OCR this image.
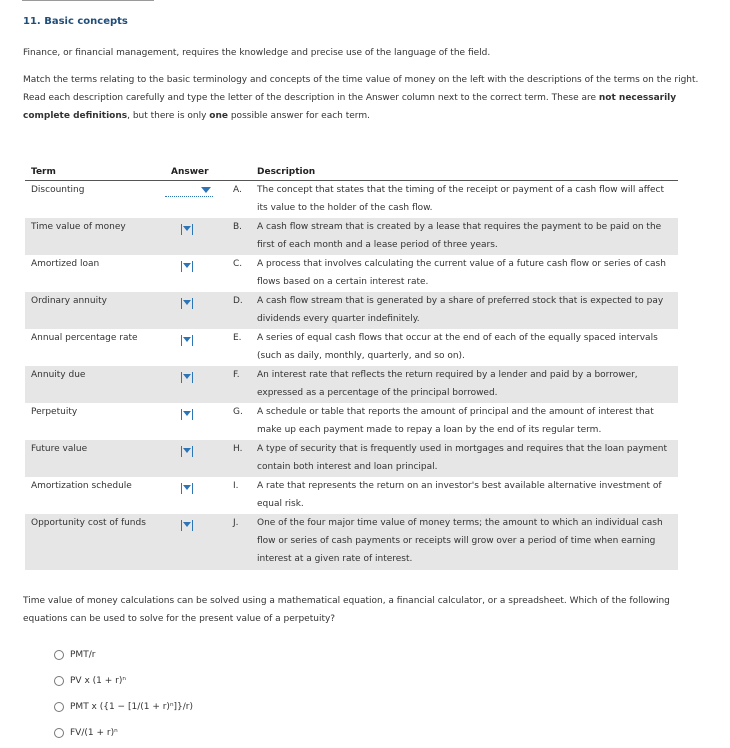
11. Basic concepts
Finance, or financial management, requires the knowledge and precise use of the language of the field.
Match the terms relating to the basic terminology and concepts of the time value of money on the left with the descriptions of the terms on the right. Read each description carefully and type the letter of the description in the Answer column next to the correct term. These are not necessarily complete definitions, but there is only one possible answer for each term.
Term	Answer	Description
Discounting	A. The concept that states that the timing of the receipt or payment of a cash flow will affect its value to the holder of the cash flow.
Time value of money	B. A cash flow stream that is created by a lease that requires the payment to be paid on the first of each month and a lease period of three years.
Amortized loan	C. A process that involves calculating the current value of a future cash flow or series of cash flows based on a certain interest rate.
Ordinary annuity	D. A cash flow stream that is generated by a share of preferred stock that is expected to pay dividends every quarter indefinitely.
Annual percentage rate	E. A series of equal cash flows that occur at the end of each of the equally spaced intervals (such as daily, monthly, quarterly, and so on).
Annuity due	F. An interest rate that reflects the return required by a lender and paid by a borrower, expressed as a percentage of the principal borrowed.
Perpetuity	G. A schedule or table that reports the amount of principal and the amount of interest that make up each payment made to repay a loan by the end of its regular term.
Future value	H. A type of security that is frequently used in mortgages and requires that the loan payment contain both interest and loan principal.
Amortization schedule	I. A rate that represents the return on an investor's best available alternative investment of equal risk.
Opportunity cost of funds	J. One of the four major time value of money terms; the amount to which an individual cash flow or series of cash payments or receipts will grow over a period of time when earning interest at a given rate of interest.
Time value of money calculations can be solved using a mathematical equation, a financial calculator, or a spreadsheet. Which of the following equations can be used to solve for the present value of a perpetuity?
PMT/r
PV x (1 + r)ⁿ
PMT x ({1 − [1/(1 + r)ⁿ]}/r)
FV/(1 + r)ⁿ
